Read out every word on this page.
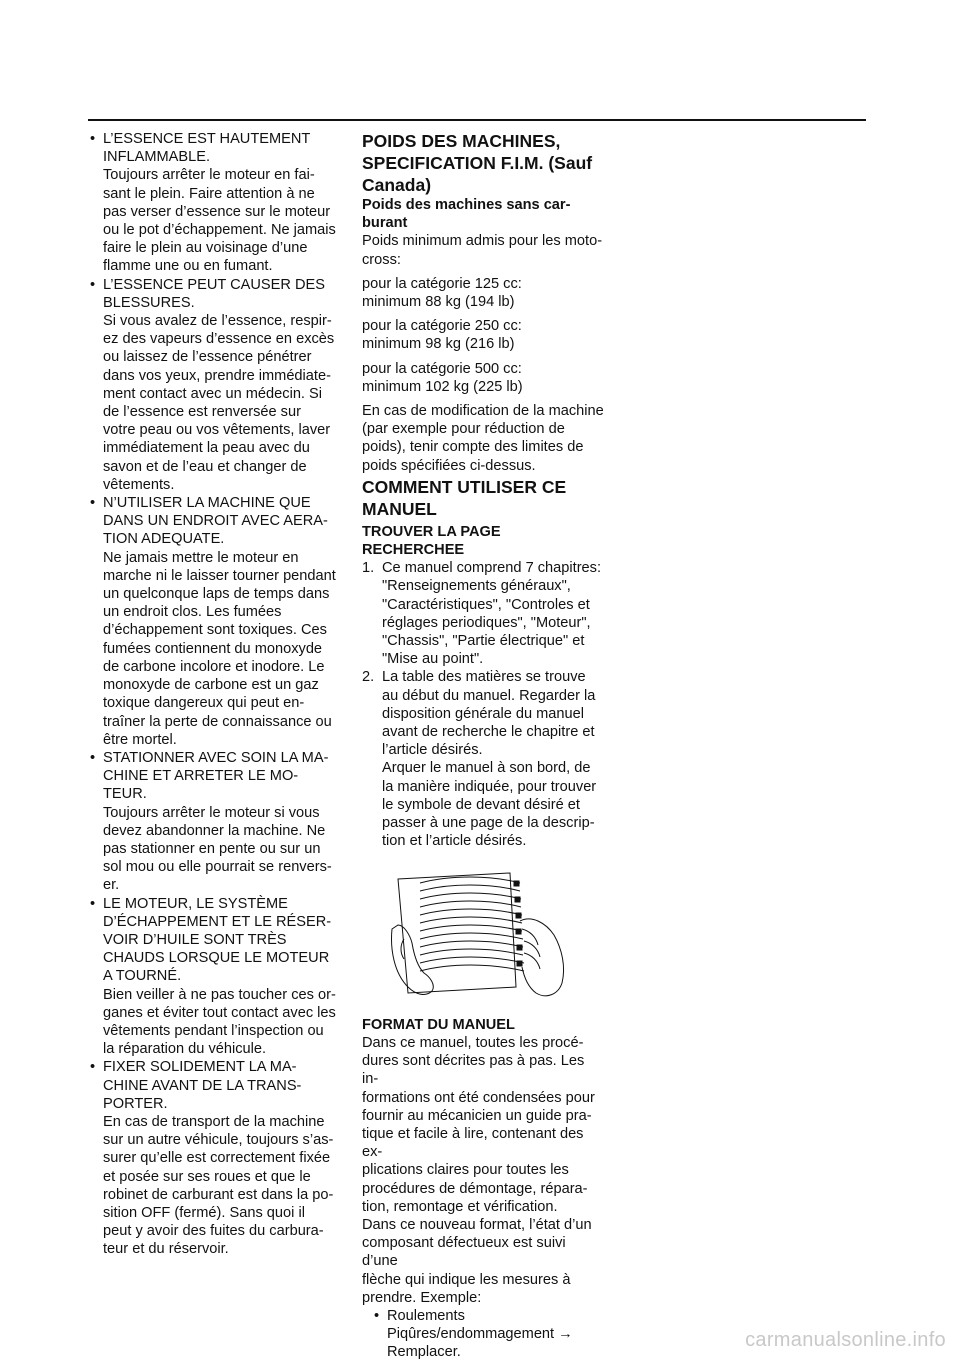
• L’ESSENCE EST HAUTEMENT
INFLAMMABLE.
Toujours arrêter le moteur en fai-
sant le plein. Faire attention à ne
pas verser d’essence sur le moteur
ou le pot d’échappement. Ne jamais
faire le plein au voisinage d’une
flamme une ou en fumant.
• L’ESSENCE PEUT CAUSER DES
BLESSURES.
Si vous avalez de l’essence, respir-
ez des vapeurs d’essence en excès
ou laissez de l’essence pénétrer
dans vos yeux, prendre immédiate-
ment contact avec un médecin. Si
de l’essence est renversée sur
votre peau ou vos vêtements, laver
immédiatement la peau avec du
savon et de l’eau et changer de
vêtements.
• N’UTILISER LA MACHINE QUE
DANS UN ENDROIT AVEC AERA-
TION ADEQUATE.
Ne jamais mettre le moteur en
marche ni le laisser tourner pendant
un quelconque laps de temps dans
un endroit clos. Les fumées
d’échappement sont toxiques. Ces
fumées contiennent du monoxyde
de carbone incolore et inodore. Le
monoxyde de carbone est un gaz
toxique dangereux qui peut en-
traîner la perte de connaissance ou
être mortel.
• STATIONNER AVEC SOIN LA MA-
CHINE ET ARRETER LE MO-
TEUR.
Toujours arrêter le moteur si vous
devez abandonner la machine. Ne
pas stationner en pente ou sur un
sol mou ou elle pourrait se renvers-
er.
• LE MOTEUR, LE SYSTÈME
D’ÉCHAPPEMENT ET LE RÉSER-
VOIR D’HUILE SONT TRÈS
CHAUDS LORSQUE LE MOTEUR
A TOURNÉ.
Bien veiller à ne pas toucher ces or-
ganes et éviter tout contact avec les
vêtements pendant l’inspection ou
la réparation du véhicule.
• FIXER SOLIDEMENT LA MA-
CHINE AVANT DE LA TRANS-
PORTER.
En cas de transport de la machine
sur un autre véhicule, toujours s’as-
surer qu’elle est correctement fixée
et posée sur ses roues et que le
robinet de carburant est dans la po-
sition OFF (fermé). Sans quoi il
peut y avoir des fuites du carbura-
teur et du réservoir.
POIDS DES MACHINES,
SPECIFICATION F.I.M. (Sauf
Canada)
Poids des machines sans car-
burant
Poids minimum admis pour les moto-
cross:
pour la catégorie 125 cc:
minimum 88 kg (194 lb)
pour la catégorie 250 cc:
minimum 98 kg (216 lb)
pour la catégorie 500 cc:
minimum 102 kg (225 lb)
En cas de modification de la machine
(par exemple pour réduction de
poids), tenir compte des limites de
poids spécifiées ci-dessus.
COMMENT UTILISER CE
MANUEL
TROUVER LA PAGE
RECHERCHEE
1. Ce manuel comprend 7 chapitres:
"Renseignements généraux",
"Caractéristiques", "Controles et
réglages periodiques", "Moteur",
"Chassis", "Partie électrique" et
"Mise au point".
2. La table des matières se trouve
au début du manuel. Regarder la
disposition générale du manuel
avant de recherche le chapitre et
l’article désirés.
Arquer le manuel à son bord, de
la manière indiquée, pour trouver
le symbole de devant désiré et
passer à une page de la descrip-
tion et l’article désirés.
FORMAT DU MANUEL
Dans ce manuel, toutes les procé-
dures sont décrites pas à pas. Les in-
formations ont été condensées pour
fournir au mécanicien un guide pra-
tique et facile à lire, contenant des ex-
plications claires pour toutes les
procédures de démontage, répara-
tion, remontage et vérification.
Dans ce nouveau format, l’état d’un
composant défectueux est suivi d’une
flèche qui indique les mesures à
prendre. Exemple:
• Roulements
Piqûres/endommagement →
Remplacer.
carmanualsonline.info
